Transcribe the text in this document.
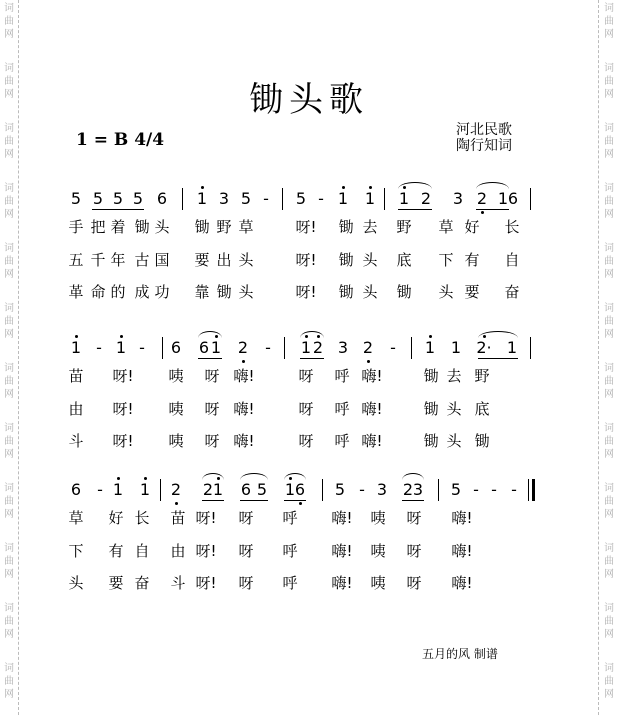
词
曲
网
词
曲
网
词
曲
网
词
曲
网
词
曲
网
词
曲
网
词
曲
网
词
曲
网
词
曲
网
词
曲
网
词
曲
网
词
曲
网
词
曲
网
词
曲
网
词
曲
网
词
曲
网
词
曲
网
词
曲
网
词
曲
网
词
曲
网
词
曲
网
词
曲
网
词
曲
网
词
曲
网
锄头歌
1 = B 4/4	河北民歌
陶行知词
5 5 5 5 6 1 3 5 - 5 - 1 1 1 2 3 2 1 6
手 把 着 锄 头 锄 野 草	呀! 锄 去 野 草 好 长
五 千 年 古 国 要 出 头	呀! 锄 头 底 下 有 自
革 命 的 成 功 靠 锄 头	呀! 锄 头 锄 头 要 奋
1 - 1 - 6 6 1 2 - 1 2 3 2 - 1 1 2· 1
苗 呀! 咦 呀 嗨!	呀 呼 嗨!	锄 去 野
由 呀! 咦 呀 嗨!	呀 呼 嗨!	锄 头 底
斗 呀! 咦 呀 嗨!	呀 呼 嗨!	锄 头 锄
6 - 1 1 2 2 1 6 5 1 6 5 - 3 2 3 5 - - -
草 好 长 苗 呀! 呀 呼 嗨! 咦 呀 嗨!
下 有 自 由 呀! 呀 呼 嗨! 咦 呀 嗨!
头 要 奋 斗 呀! 呀 呼 嗨! 咦 呀 嗨!
五月的风 制谱
